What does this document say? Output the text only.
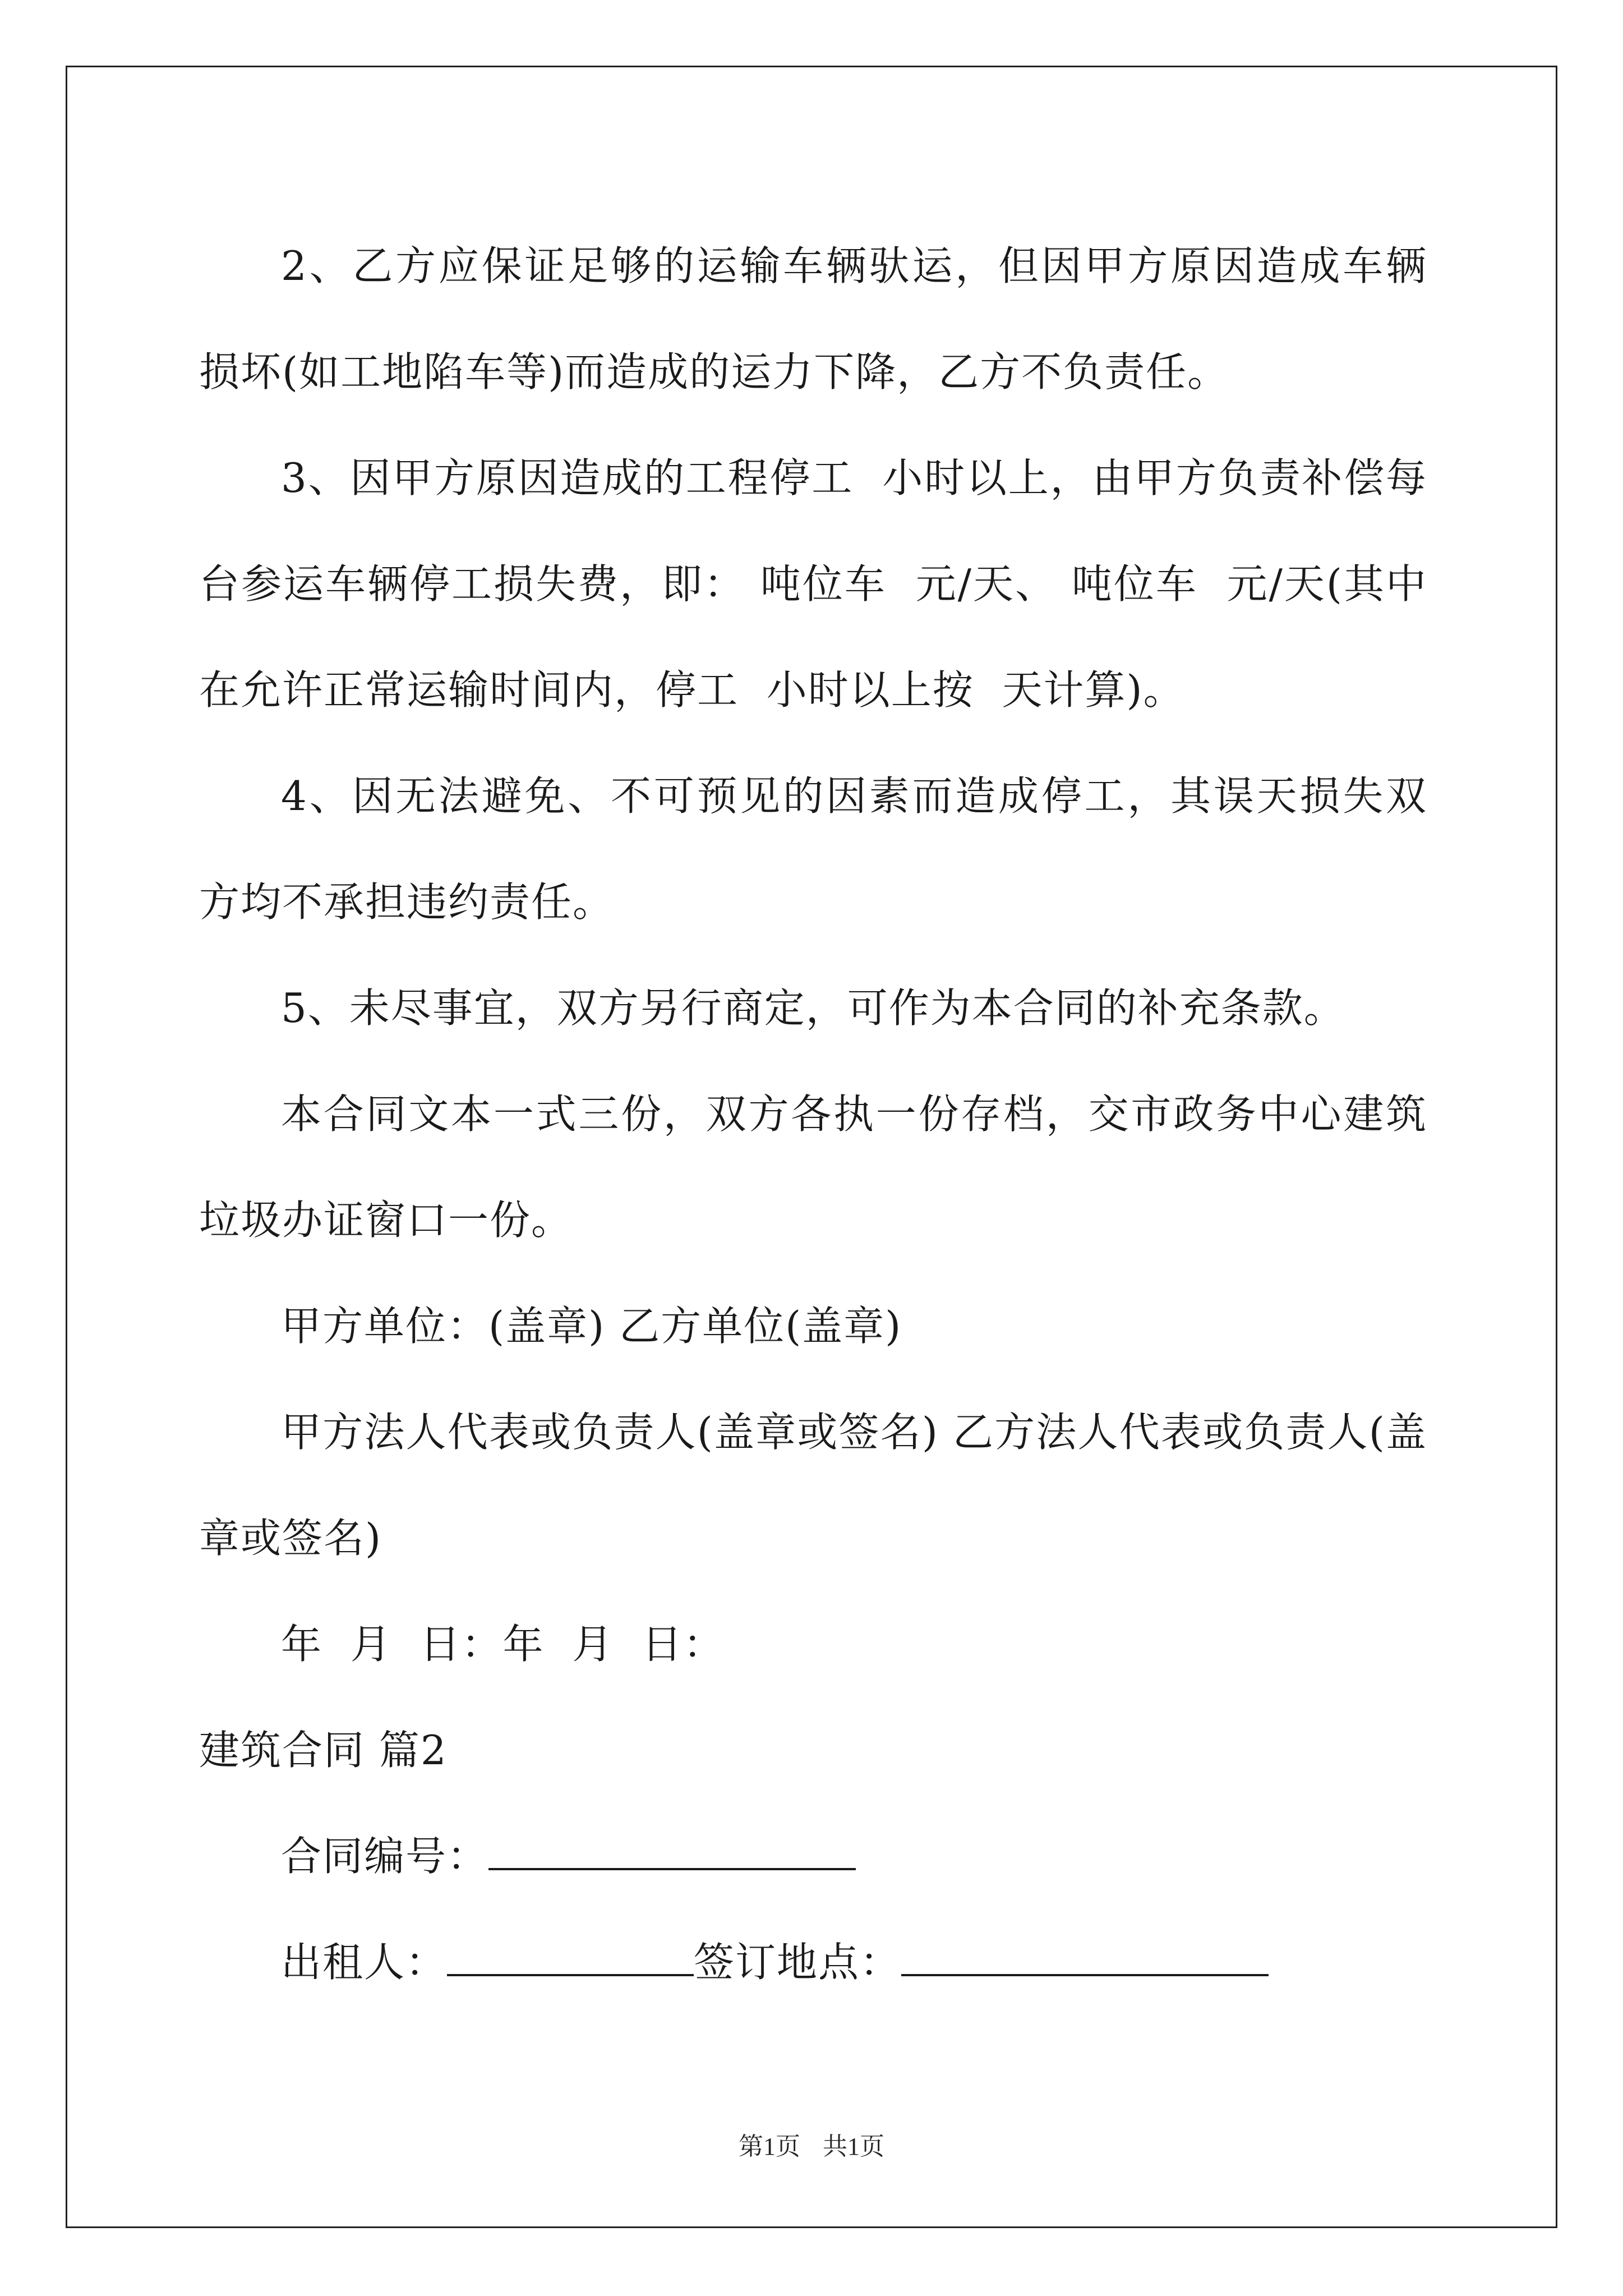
2、乙方应保证足够的运输车辆驮运，但因甲方原因造成车辆损坏(如工地陷车等)而造成的运力下降，乙方不负责任。

3、因甲方原因造成的工程停工  小时以上，由甲方负责补偿每台参运车辆停工损失费，即： 吨位车  元/天、 吨位车  元/天(其中在允许正常运输时间内，停工  小时以上按  天计算)。

4、因无法避免、不可预见的因素而造成停工，其误天损失双方均不承担违约责任。

5、未尽事宜，双方另行商定，可作为本合同的补充条款。

本合同文本一式三份，双方各执一份存档，交市政务中心建筑垃圾办证窗口一份。

甲方单位：(盖章) 乙方单位(盖章)

甲方法人代表或负责人(盖章或签名) 乙方法人代表或负责人(盖章或签名)

年  月  日：年  月  日：

建筑合同 篇2

合同编号：

出租人：	签订地点：

第1页 共1页
